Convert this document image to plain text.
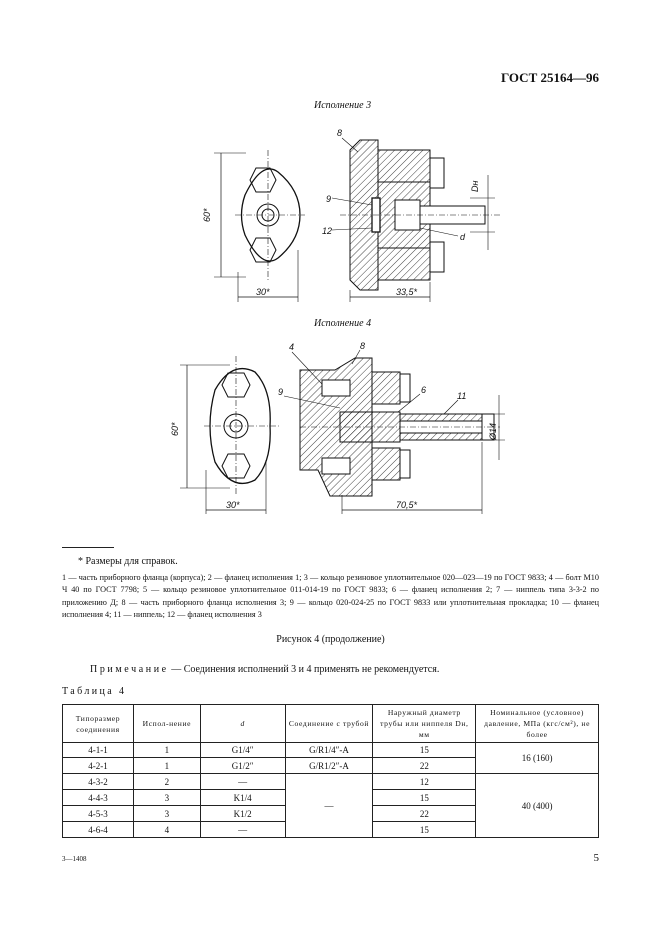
ГОСТ 25164—96
Исполнение 3
Исполнение 4
60*
30*	33,5*
Dн
8
9
12
d
60*
30*	70,5*
Ø14
4	8
9	6
11
* Размеры для справок.
1 — часть приборного фланца (корпуса); 2 — фланец исполнения 1; 3 — кольцо резиновое уплотнительное 020—023—19 по ГОСТ 9833; 4 — болт М10 Ч 40 по ГОСТ 7798; 5 — кольцо резиновое уплотнительное 011-014-19 по ГОСТ 9833; 6 — фланец исполнения 2; 7 — ниппель типа 3-3-2 по приложению Д; 8 — часть приборного фланца исполнения 3; 9 — кольцо 020-024-25 по ГОСТ 9833 или уплотнительная прокладка; 10 — фланец исполнения 4; 11 — ниппель; 12 — фланец исполнения 3
Рисунок 4 (продолжение)
Примечание — Соединения исполнений 3 и 4 применять не рекомендуется.
Таблица 4
Типоразмер соединения	Испол-нение	d	Соединение с трубой	Наружный диаметр трубы или ниппеля Dн, мм	Номинальное (условное) давление, МПа (кгс/см²), не более
4-1-1	1	G1/4″	G/R1/4″-A	15	16 (160)
4-2-1	1	G1/2″	G/R1/2″-A	22	
4-3-2	2	—	—	12	40 (400)
4-4-3	3	K1/4		15	
4-5-3	3	K1/2		22	
4-6-4	4	—		15	
3—1408	5
